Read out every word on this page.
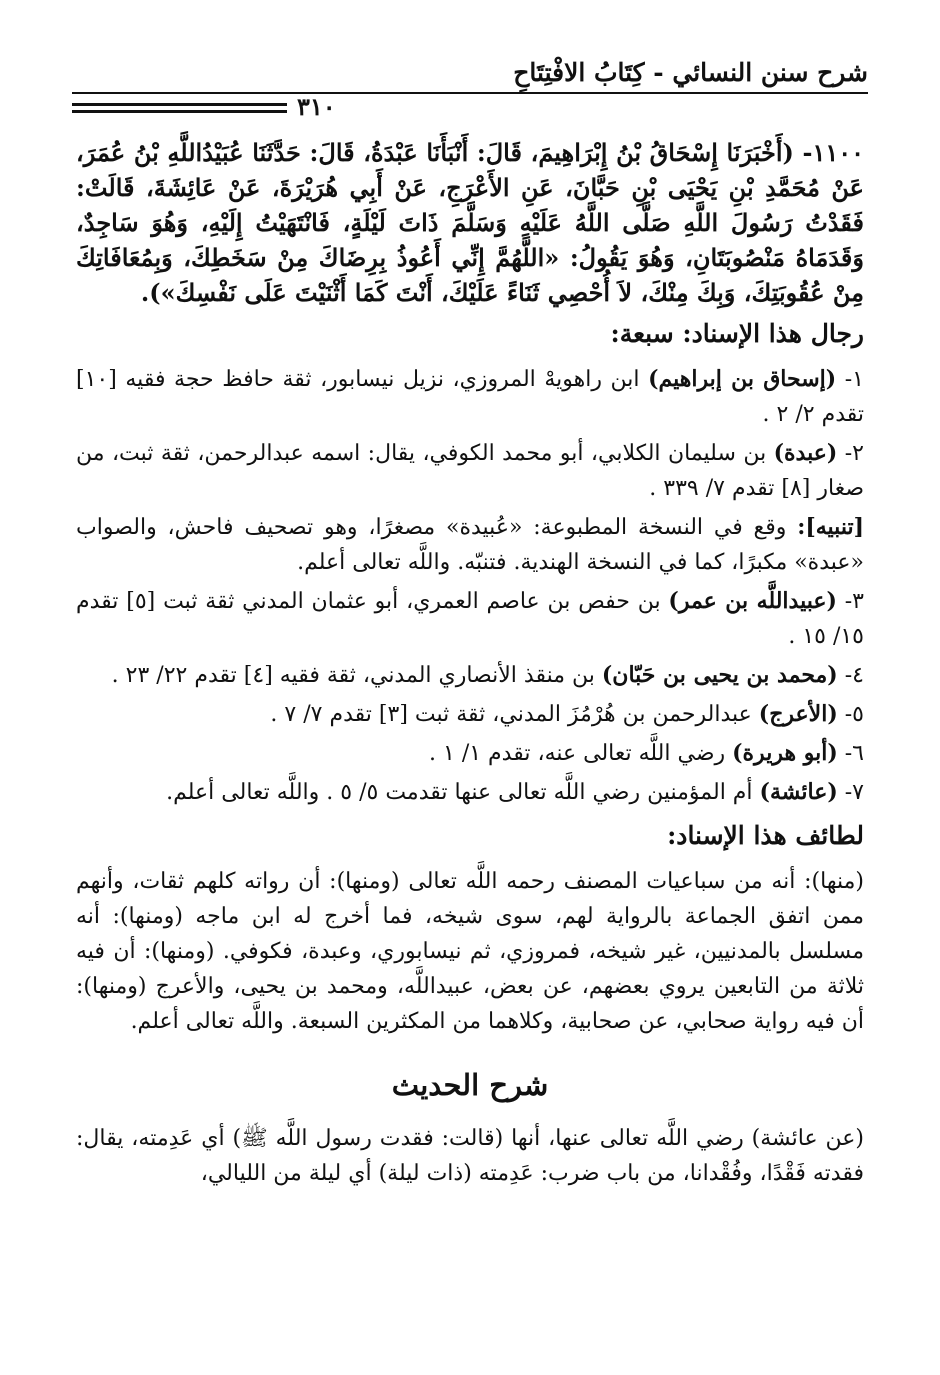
شرح سنن النسائي - كِتَابُ الافْتِتَاحِ
٣١٠

١١٠٠- (أَخْبَرَنَا إِسْحَاقُ بْنُ إِبْرَاهِيمَ، قَالَ: أَنْبَأَنَا عَبْدَةُ، قَالَ: حَدَّثَنَا عُبَيْدُاللَّهِ بْنُ عُمَرَ، عَنْ مُحَمَّدِ بْنِ يَحْيَى بْنِ حَبَّانَ، عَنِ الأَعْرَجِ، عَنْ أَبِي هُرَيْرَةَ، عَنْ عَائِشَةَ، قَالَتْ: فَقَدْتُ رَسُولَ اللَّهِ صَلَّى اللَّهُ عَلَيْهِ وَسَلَّمَ ذَاتَ لَيْلَةٍ، فَانْتَهَيْتُ إِلَيْهِ، وَهُوَ سَاجِدٌ، وَقَدَمَاهُ مَنْصُوبَتَانِ، وَهُوَ يَقُولُ: «اللَّهُمَّ إِنِّي أَعُوذُ بِرِضَاكَ مِنْ سَخَطِكَ، وَبِمُعَافَاتِكَ مِنْ عُقُوبَتِكَ، وَبِكَ مِنْكَ، لاَ أُحْصِي ثَنَاءً عَلَيْكَ، أَنْتَ كَمَا أَثْنَيْتَ عَلَى نَفْسِكَ»).

رجال هذا الإسناد: سبعة:

١- (إسحاق بن إبراهيم) ابن راهويهْ المروزي، نزيل نيسابور، ثقة حافظ حجة فقيه [١٠] تقدم ٢/ ٢ .

٢- (عبدة) بن سليمان الكلابي، أبو محمد الكوفي، يقال: اسمه عبدالرحمن، ثقة ثبت، من صغار [٨] تقدم ٧/ ٣٣٩ .

[تنبيه]: وقع في النسخة المطبوعة: «عُبيدة» مصغرًا، وهو تصحيف فاحش، والصواب «عبدة» مكبرًا، كما في النسخة الهندية. فتنبّه. واللَّه تعالى أعلم.

٣- (عبيداللَّه بن عمر) بن حفص بن عاصم العمري، أبو عثمان المدني ثقة ثبت [٥] تقدم ١٥/ ١٥ .

٤- (محمد بن يحيى بن حَبّان) بن منقذ الأنصاري المدني، ثقة فقيه [٤] تقدم ٢٢/ ٢٣ .

٥- (الأعرج) عبدالرحمن بن هُرْمُزَ المدني، ثقة ثبت [٣] تقدم ٧/ ٧ .

٦- (أبو هريرة) رضي اللَّه تعالى عنه، تقدم ١/ ١ .

٧- (عائشة) أم المؤمنين رضي اللَّه تعالى عنها تقدمت ٥/ ٥ . واللَّه تعالى أعلم.

لطائف هذا الإسناد:

(منها): أنه من سباعيات المصنف رحمه اللَّه تعالى (ومنها): أن رواته كلهم ثقات، وأنهم ممن اتفق الجماعة بالرواية لهم، سوى شيخه، فما أخرج له ابن ماجه (ومنها): أنه مسلسل بالمدنيين، غير شيخه، فمروزي، ثم نيسابوري، وعبدة، فكوفي. (ومنها): أن فيه ثلاثة من التابعين يروي بعضهم، عن بعض، عبيداللَّه، ومحمد بن يحيى، والأعرج (ومنها): أن فيه رواية صحابي، عن صحابية، وكلاهما من المكثرين السبعة. واللَّه تعالى أعلم.

شرح الحديث

(عن عائشة) رضي اللَّه تعالى عنها، أنها (قالت: فقدت رسول اللَّه ﷺ) أي عَدِمته، يقال: فقدته فَقْدًا، وفُقْدانا، من باب ضرب: عَدِمته (ذات ليلة) أي ليلة من الليالي،
